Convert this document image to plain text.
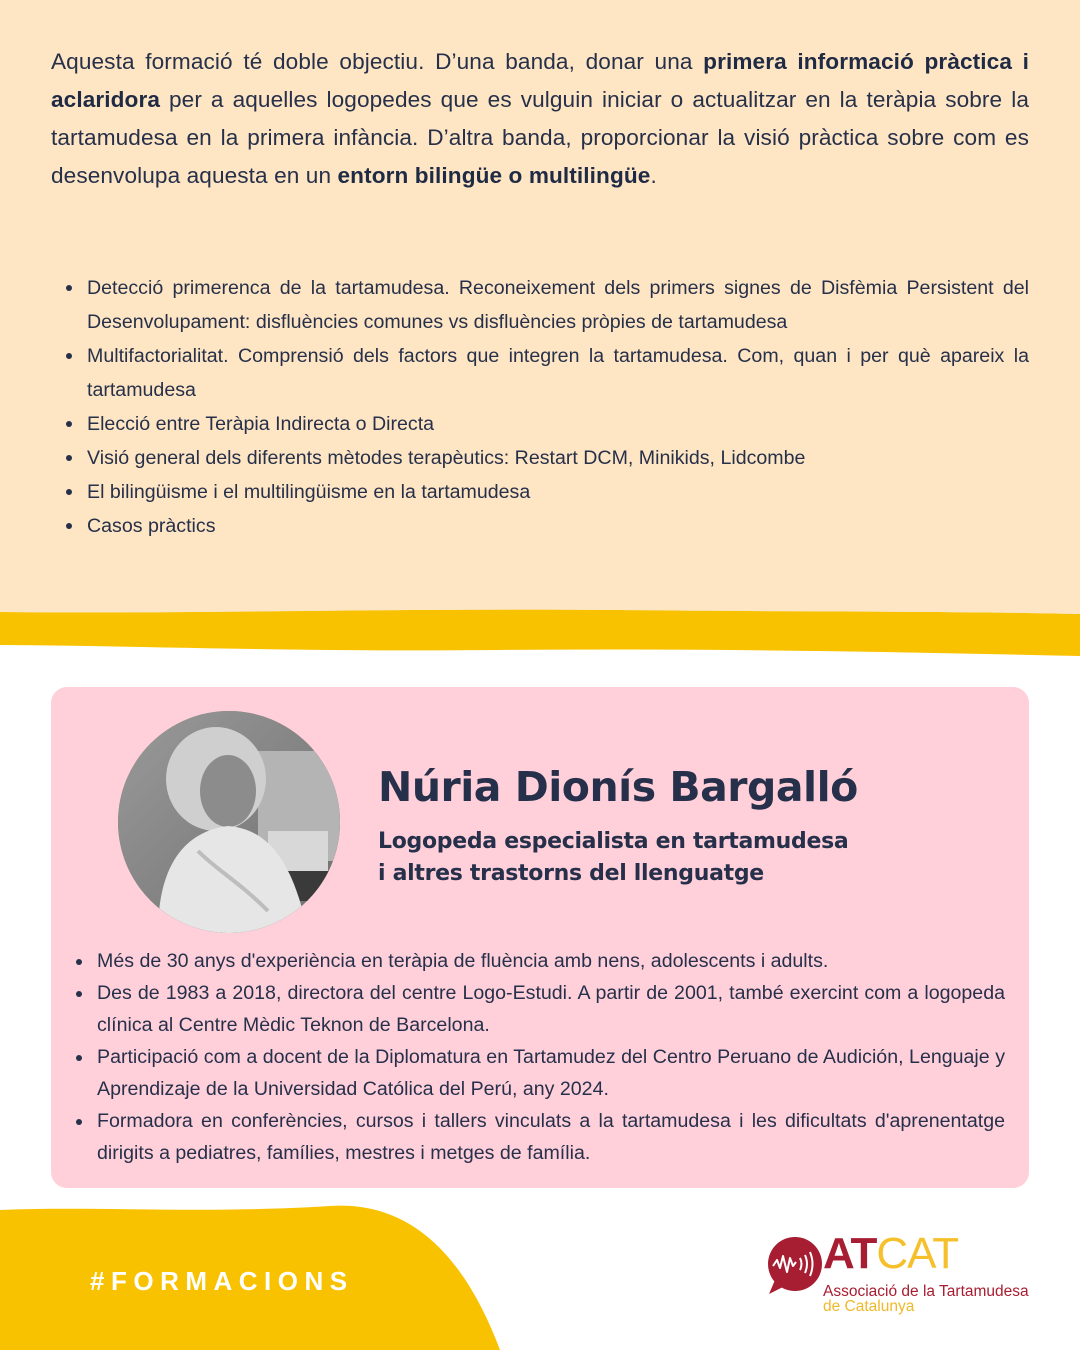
Aquesta formació té doble objectiu. D’una banda, donar una primera informació pràctica i aclaridora per a aquelles logopedes que es vulguin iniciar o actualitzar en la teràpia sobre la tartamudesa en la primera infància. D’altra banda, proporcionar la visió pràctica sobre com es desenvolupa aquesta en un entorn bilingüe o multilingüe.

Detecció primerenca de la tartamudesa. Reconeixement dels primers signes de Disfèmia Persistent del Desenvolupament: disfluències comunes vs disfluències pròpies de tartamudesa
Multifactorialitat. Comprensió dels factors que integren la tartamudesa. Com, quan i per què apareix la tartamudesa
Elecció entre Teràpia Indirecta o Directa
Visió general dels diferents mètodes terapèutics: Restart DCM, Minikids, Lidcombe
El bilingüisme i el multilingüisme en la tartamudesa
Casos pràctics
Núria Dionís Bargalló

Logopeda especialista en tartamudesa
i altres trastorns del llenguatge

Més de 30 anys d'experiència en teràpia de fluència amb nens, adolescents i adults.
Des de 1983 a 2018, directora del centre Logo-Estudi. A partir de 2001, també exercint com a logopeda clínica al Centre Mèdic Teknon de Barcelona.
Participació com a docent de la Diplomatura en Tartamudez del Centro Peruano de Audición, Lenguaje y Aprendizaje de la Universidad Católica del Perú, any 2024.
Formadora en conferències, cursos i tallers vinculats a la tartamudesa i les dificultats d'aprenentatge dirigits a pediatres, famílies, mestres i metges de família.

#FORMACIONS

ATCAT
Associació de la Tartamudesa
de Catalunya
